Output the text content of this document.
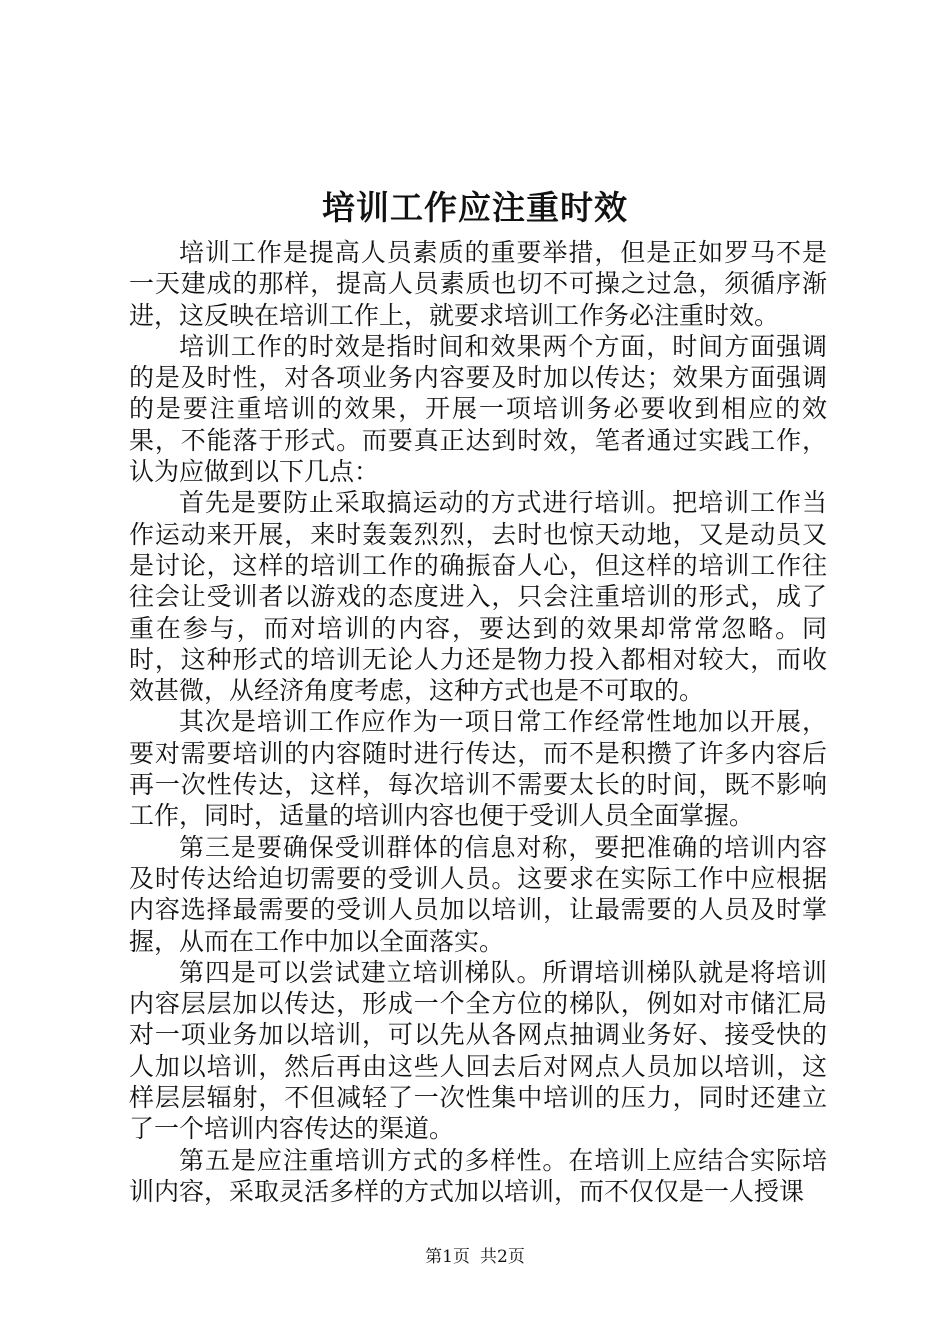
培训工作应注重时效

培训工作是提高人员素质的重要举措，但是正如罗马不是一天建成的那样，提高人员素质也切不可操之过急，须循序渐进，这反映在培训工作上，就要求培训工作务必注重时效。

培训工作的时效是指时间和效果两个方面，时间方面强调的是及时性，对各项业务内容要及时加以传达；效果方面强调的是要注重培训的效果，开展一项培训务必要收到相应的效果，不能落于形式。而要真正达到时效，笔者通过实践工作，认为应做到以下几点：

首先是要防止采取搞运动的方式进行培训。把培训工作当作运动来开展，来时轰轰烈烈，去时也惊天动地，又是动员又是讨论，这样的培训工作的确振奋人心，但这样的培训工作往往会让受训者以游戏的态度进入，只会注重培训的形式，成了重在参与，而对培训的内容，要达到的效果却常常忽略。同时，这种形式的培训无论人力还是物力投入都相对较大，而收效甚微，从经济角度考虑，这种方式也是不可取的。

其次是培训工作应作为一项日常工作经常性地加以开展，要对需要培训的内容随时进行传达，而不是积攒了许多内容后再一次性传达，这样，每次培训不需要太长的时间，既不影响工作，同时，适量的培训内容也便于受训人员全面掌握。

第三是要确保受训群体的信息对称，要把准确的培训内容及时传达给迫切需要的受训人员。这要求在实际工作中应根据内容选择最需要的受训人员加以培训，让最需要的人员及时掌握，从而在工作中加以全面落实。

第四是可以尝试建立培训梯队。所谓培训梯队就是将培训内容层层加以传达，形成一个全方位的梯队，例如对市储汇局对一项业务加以培训，可以先从各网点抽调业务好、接受快的人加以培训，然后再由这些人回去后对网点人员加以培训，这样层层辐射，不但减轻了一次性集中培训的压力，同时还建立了一个培训内容传达的渠道。

第五是应注重培训方式的多样性。在培训上应结合实际培训内容，采取灵活多样的方式加以培训，而不仅仅是一人授课

第1页 共2页
